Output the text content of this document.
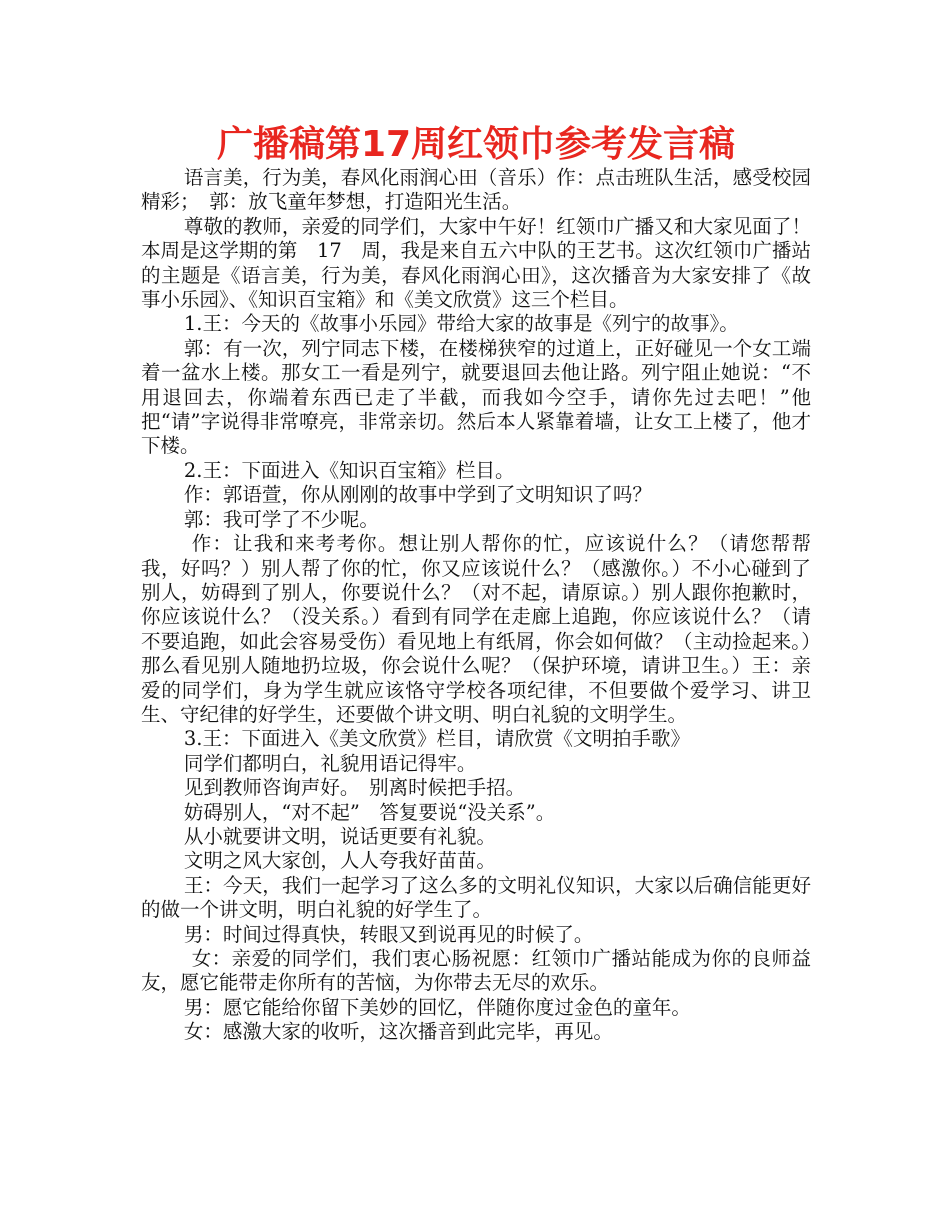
广播稿第17周红领巾参考发言稿

语言美，行为美，春风化雨润心田（音乐）作：点击班队生活，感受校园精彩；　郭：放飞童年梦想，打造阳光生活。

尊敬的教师，亲爱的同学们，大家中午好！红领巾广播又和大家见面了！本周是这学期的第　17　周，我是来自五六中队的王艺书。这次红领巾广播站的主题是《语言美，行为美，春风化雨润心田》，这次播音为大家安排了《故事小乐园》、《知识百宝箱》和《美文欣赏》这三个栏目。

1.王：今天的《故事小乐园》带给大家的故事是《列宁的故事》。

郭：有一次，列宁同志下楼，在楼梯狭窄的过道上，正好碰见一个女工端着一盆水上楼。那女工一看是列宁，就要退回去他让路。列宁阻止她说：“不用退回去，你端着东西已走了半截，而我如今空手，请你先过去吧！”他把“请”字说得非常嘹亮，非常亲切。然后本人紧靠着墙，让女工上楼了，他才下楼。

2.王：下面进入《知识百宝箱》栏目。

作：郭语萱，你从刚刚的故事中学到了文明知识了吗？

郭：我可学了不少呢。

作：让我和来考考你。想让别人帮你的忙，应该说什么？（请您帮帮我，好吗？）别人帮了你的忙，你又应该说什么？（感激你。）不小心碰到了别人，妨碍到了别人，你要说什么？（对不起，请原谅。）别人跟你抱歉时，你应该说什么？（没关系。）看到有同学在走廊上追跑，你应该说什么？（请不要追跑，如此会容易受伤）看见地上有纸屑，你会如何做？（主动捡起来。）那么看见别人随地扔垃圾，你会说什么呢？（保护环境，请讲卫生。）王：亲爱的同学们，身为学生就应该恪守学校各项纪律，不但要做个爱学习、讲卫生、守纪律的好学生，还要做个讲文明、明白礼貌的文明学生。

3.王：下面进入《美文欣赏》栏目，请欣赏《文明拍手歌》

同学们都明白，礼貌用语记得牢。

见到教师咨询声好。　别离时候把手招。

妨碍别人，“对不起”　答复要说“没关系”。

从小就要讲文明，说话更要有礼貌。

文明之风大家创，人人夸我好苗苗。

王：今天，我们一起学习了这么多的文明礼仪知识，大家以后确信能更好的做一个讲文明，明白礼貌的好学生了。

男：时间过得真快，转眼又到说再见的时候了。

女：亲爱的同学们，我们衷心肠祝愿：红领巾广播站能成为你的良师益友，愿它能带走你所有的苦恼，为你带去无尽的欢乐。

男：愿它能给你留下美妙的回忆，伴随你度过金色的童年。

女：感激大家的收听，这次播音到此完毕，再见。
